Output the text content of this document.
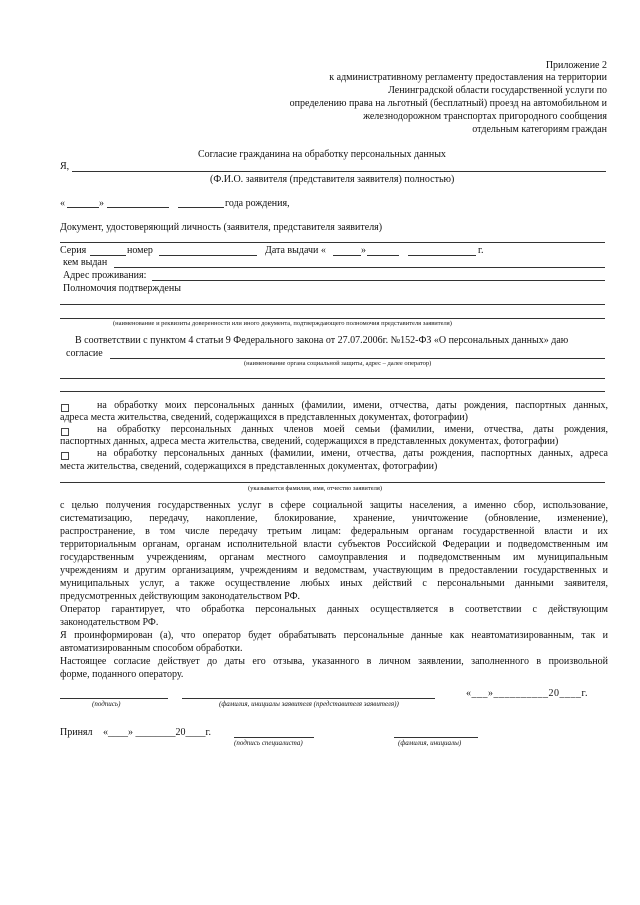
Приложение 2
к административному регламенту предоставления на территории
Ленинградской области государственной услуги по
определению права на льготный (бесплатный) проезд на автомобильном и
железнодорожном транспортах пригородного сообщения
отдельным категориям граждан
Согласие гражданина на обработку персональных данных
Я,
(Ф.И.О. заявителя (представителя заявителя) полностью)
«	»	года рождения,
Документ, удостоверяющий личность (заявителя, представителя заявителя)
Серия	номер	Дата выдачи «	»	г.
кем выдан
Адрес проживания:
Полномочия подтверждены
(наименование и реквизиты доверенности или иного документа, подтверждающего полномочия представителя заявителя)
В соответствии с пунктом 4 статьи 9 Федерального закона от 27.07.2006г. №152-ФЗ «О персональных данных» даю
согласие
(наименование органа социальной защиты, адрес – далее оператор)
на обработку моих персональных данных (фамилии, имени, отчества, даты рождения, паспортных данных,
адреса места жительства, сведений, содержащихся в представленных документах, фотографии)
на обработку персональных данных членов моей семьи (фамилии, имени, отчества, даты рождения,
паспортных данных, адреса места жительства, сведений, содержащихся в представленных документах, фотографии)
на обработку персональных данных (фамилии, имени, отчества, даты рождения, паспортных данных, адреса
места жительства, сведений, содержащихся в представленных документах, фотографии)
(указывается фамилия, имя, отчество заявителя)
с целью получения государственных услуг в сфере социальной защиты населения, а именно сбор, использование,
систематизацию, передачу, накопление, блокирование, хранение, уничтожение (обновление, изменение),
распространение, в том числе передачу третьим лицам: федеральным органам государственной власти и их
территориальным органам, органам исполнительной власти субъектов Российской Федерации и подведомственным им
государственным учреждениям, органам местного самоуправления и подведомственным им муниципальным
учреждениям и другим организациям, учреждениям и ведомствам, участвующим в предоставлении государственных и
муниципальных услуг, а также осуществление любых иных действий с персональными данными заявителя,
предусмотренных действующим законодательством РФ.
Оператор гарантирует, что обработка персональных данных осуществляется в соответствии с действующим
законодательством РФ.
Я проинформирован (а), что оператор будет обрабатывать персональные данные как неавтоматизированным, так и
автоматизированным способом обработки.
Настоящее согласие действует до даты его отзыва, указанного в личном заявлении, заполненного в произвольной
форме, поданного оператору.
(подпись)	(фамилия, инициалы заявителя (представителя заявителя))
«___»__________20____г.
Принял «____» ________20____г.
(подпись специалиста)	(фамилия, инициалы)
